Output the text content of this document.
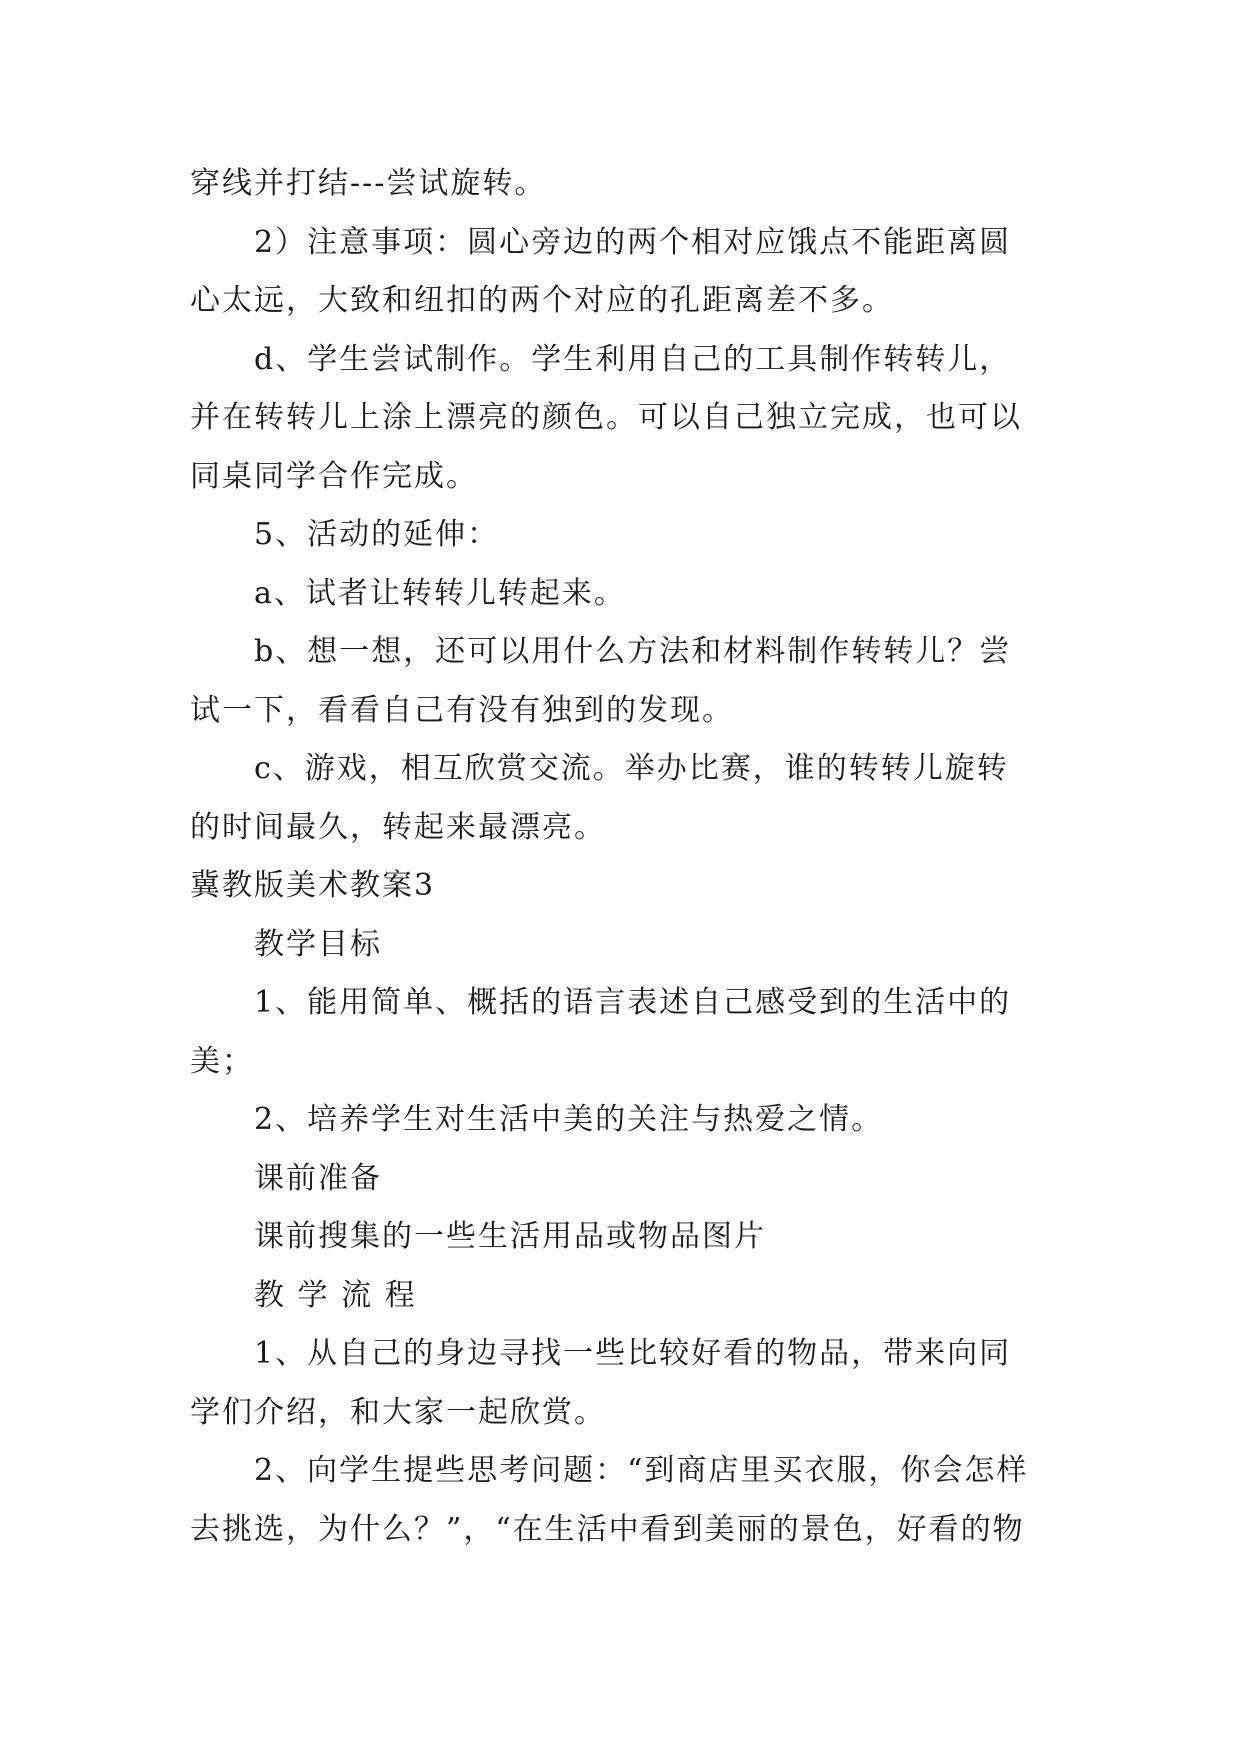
穿线并打结---尝试旋转。
2）注意事项：圆心旁边的两个相对应饿点不能距离圆
心太远，大致和纽扣的两个对应的孔距离差不多。
d、学生尝试制作。学生利用自己的工具制作转转儿，
并在转转儿上涂上漂亮的颜色。可以自己独立完成，也可以
同桌同学合作完成。
5、活动的延伸：
a、试者让转转儿转起来。
b、想一想，还可以用什么方法和材料制作转转儿？尝
试一下，看看自己有没有独到的发现。
c、游戏，相互欣赏交流。举办比赛，谁的转转儿旋转
的时间最久，转起来最漂亮。
冀教版美术教案3
教学目标
1、能用简单、概括的语言表述自己感受到的生活中的
美；
2、培养学生对生活中美的关注与热爱之情。
课前准备
课前搜集的一些生活用品或物品图片
教 学 流 程
1、从自己的身边寻找一些比较好看的物品，带来向同
学们介绍，和大家一起欣赏。
2、向学生提些思考问题：“到商店里买衣服，你会怎样
去挑选，为什么？”，“在生活中看到美丽的景色，好看的物
